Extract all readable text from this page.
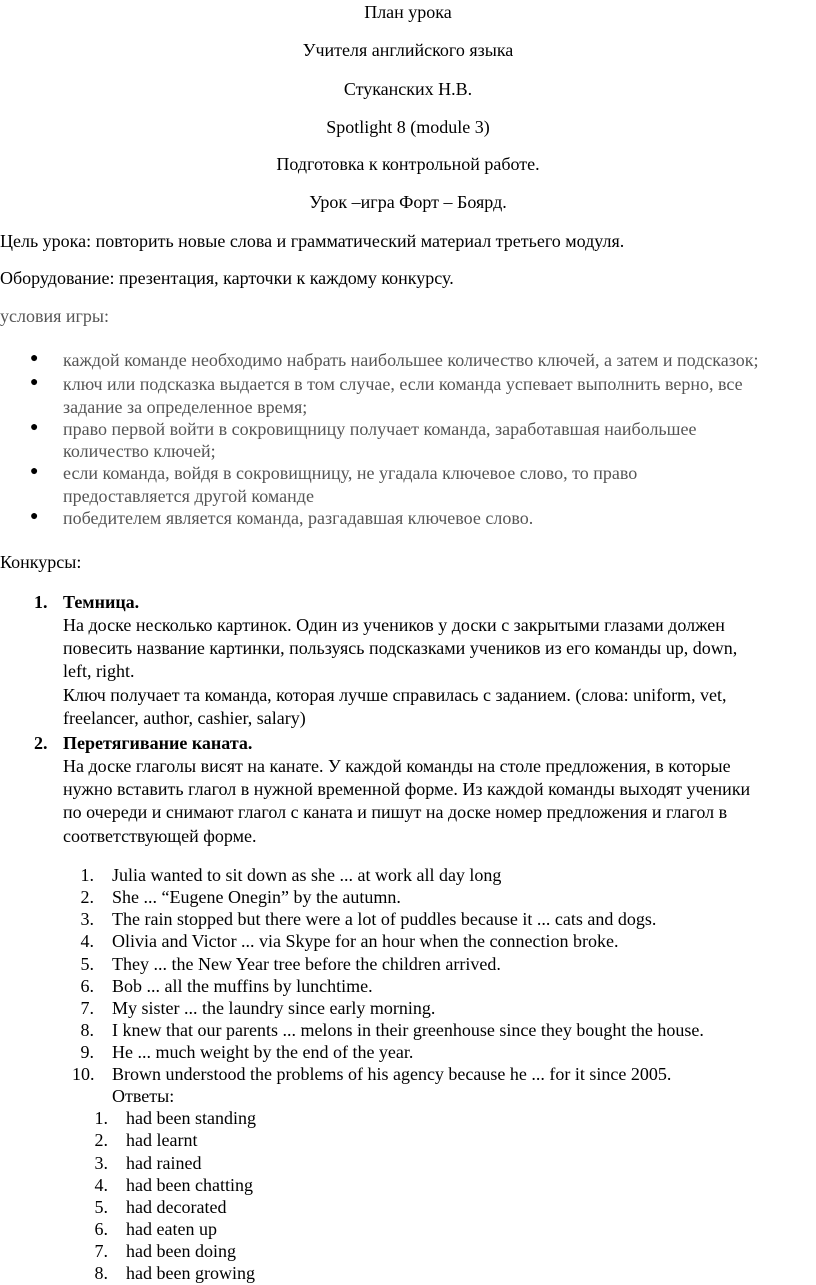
План урока
Учителя английского языка
Стуканских Н.В.
Spotlight 8 (module 3)
Подготовка к контрольной работе.
Урок –игра Форт – Боярд.
Цель урока: повторить новые слова и грамматический материал третьего модуля.
Оборудование: презентация, карточки к каждому конкурсу.
условия игры:
● каждой команде необходимо набрать наибольшее количество ключей, а затем и подсказок;
● ключ или подсказка выдается в том случае, если команда успевает выполнить верно, все
задание за определенное время;
● право первой войти в сокровищницу получает команда, заработавшая наибольшее
количество ключей;
● если команда, войдя в сокровищницу, не угадала ключевое слово, то право
предоставляется другой команде
● победителем является команда, разгадавшая ключевое слово.
Конкурсы:
1. Темница.
На доске несколько картинок. Один из учеников у доски с закрытыми глазами должен
повесить название картинки, пользуясь подсказками учеников из его команды up, down,
left, right.
Ключ получает та команда, которая лучше справилась с заданием. (слова: uniform, vet,
freelancer, author, cashier, salary)
2. Перетягивание каната.
На доске глаголы висят на канате. У каждой команды на столе предложения, в которые
нужно вставить глагол в нужной временной форме. Из каждой команды выходят ученики
по очереди и снимают глагол с каната и пишут на доске номер предложения и глагол в
соответствующей форме.
1. Julia wanted to sit down as she ... at work all day long
2. She ... “Eugene Onegin” by the autumn.
3. The rain stopped but there were a lot of puddles because it ... cats and dogs.
4. Olivia and Victor ... via Skype for an hour when the connection broke.
5. They ... the New Year tree before the children arrived.
6. Bob ... all the muffins by lunchtime.
7. My sister ... the laundry since early morning.
8. I knew that our parents ... melons in their greenhouse since they bought the house.
9. He ... much weight by the end of the year.
10. Brown understood the problems of his agency because he ... for it since 2005.
Ответы:
1. had been standing
2. had learnt
3. had rained
4. had been chatting
5. had decorated
6. had eaten up
7. had been doing
8. had been growing
